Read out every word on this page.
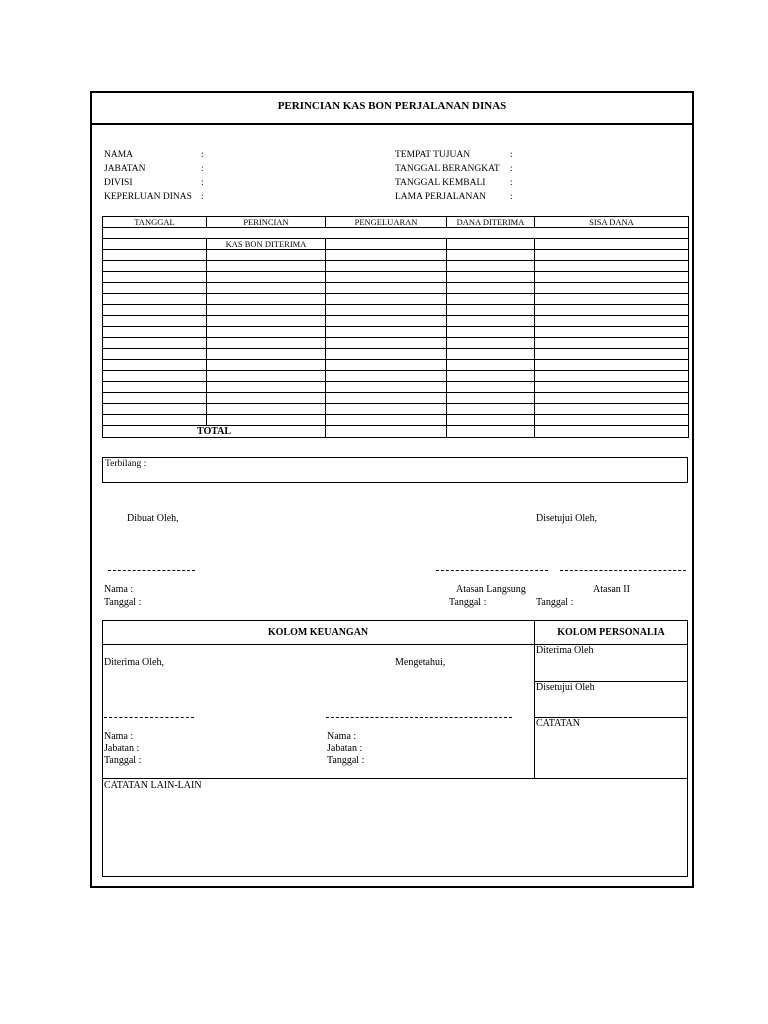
PERINCIAN KAS BON PERJALANAN DINAS
NAMA	:
JABATAN	:
DIVISI	:
KEPERLUAN DINAS :
TEMPAT TUJUAN	:
TANGGAL BERANGKAT :
TANGGAL KEMBALI	:
LAMA PERJALANAN	:
TANGGAL	PERINCIAN	PENGELUARAN	DANA DITERIMA	SISA DANA

	KAS BON DITERIMA			

TOTAL				
Terbilang :
Dibuat Oleh,	Disetujui Oleh,
Nama :
Tanggal :
Atasan Langsung	Atasan II
Tanggal :	Tanggal :
KOLOM KEUANGAN	KOLOM PERSONALIA
Diterima Oleh,	Mengetahui,
Diterima Oleh
Disetujui Oleh
CATATAN
Nama :
Jabatan :
Tanggal :
Nama :
Jabatan :
Tanggal :
CATATAN LAIN-LAIN
